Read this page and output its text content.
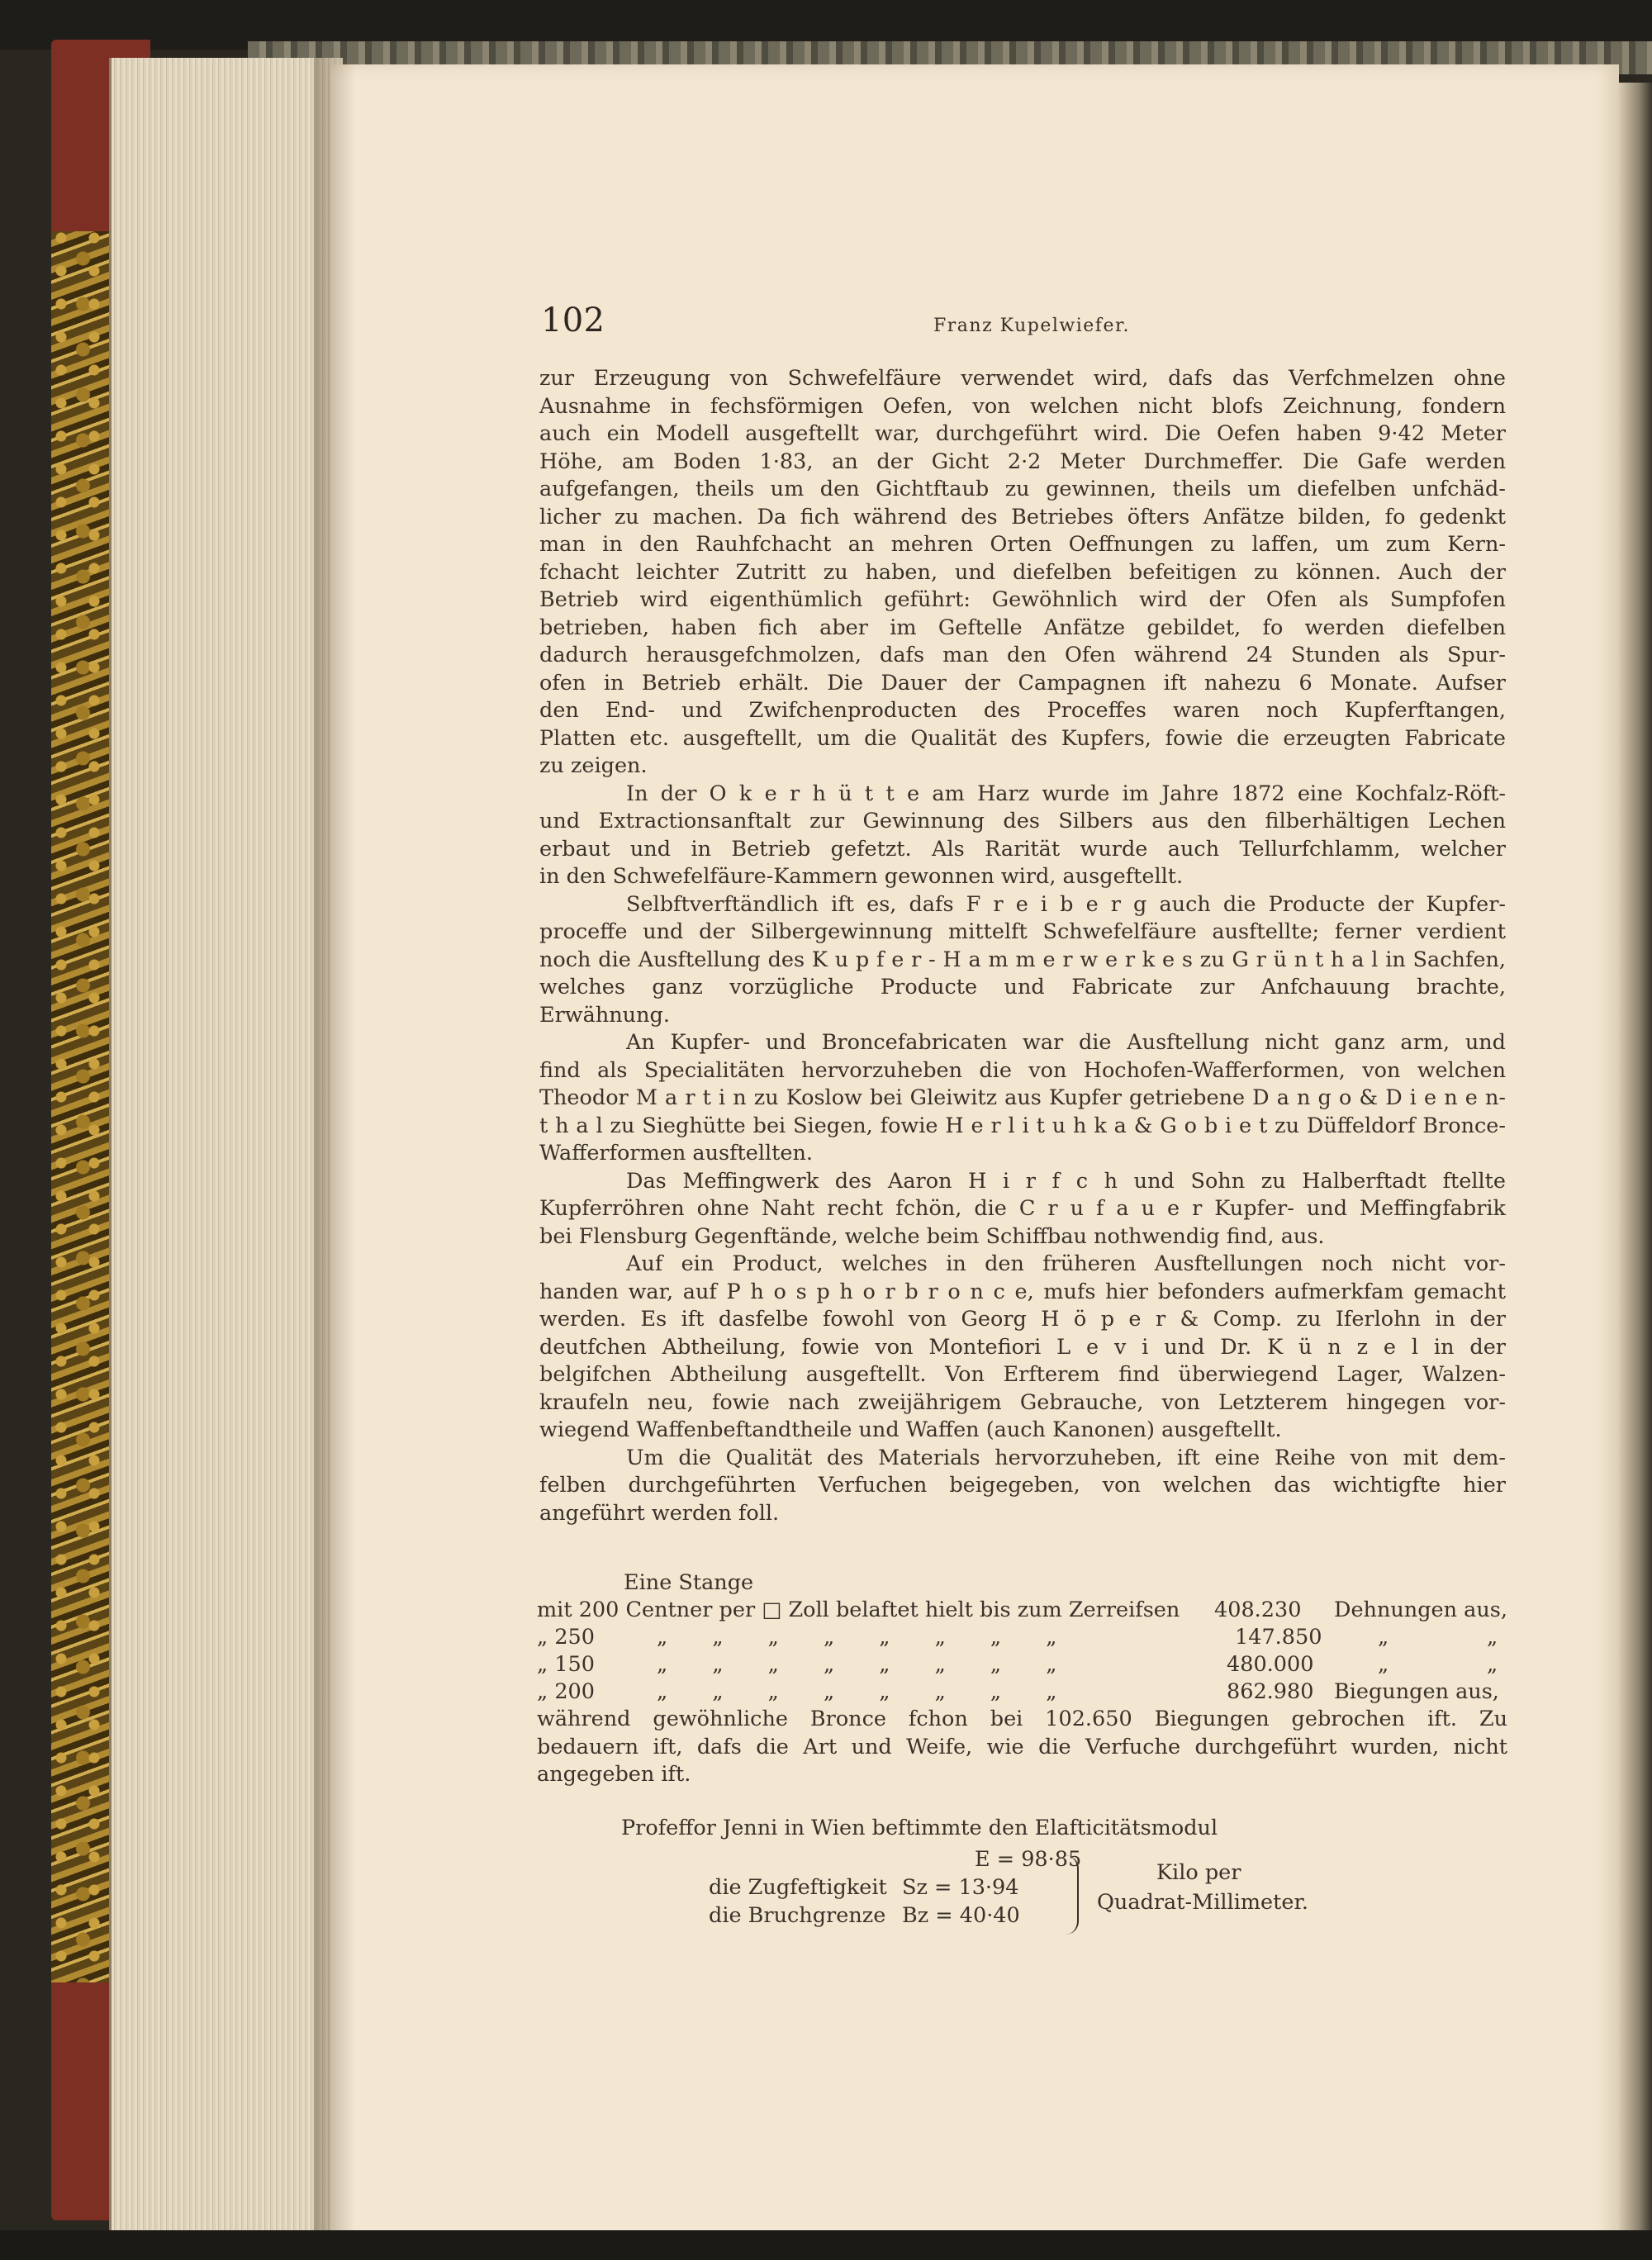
102	Franz Kupelwiefer.
zur Erzeugung von Schwefelfäure verwendet wird, dafs das Verfchmelzen ohne
Ausnahme in fechsförmigen Oefen, von welchen nicht blofs Zeichnung, fondern
auch ein Modell ausgeftellt war, durchgeführt wird. Die Oefen haben 9·42 Meter
Höhe, am Boden 1·83, an der Gicht 2·2 Meter Durchmeffer. Die Gafe werden
aufgefangen, theils um den Gichtftaub zu gewinnen, theils um diefelben unfchäd-
licher zu machen. Da fich während des Betriebes öfters Anfätze bilden, fo gedenkt
man in den Rauhfchacht an mehren Orten Oeffnungen zu laffen, um zum Kern-
fchacht leichter Zutritt zu haben, und diefelben befeitigen zu können. Auch der
Betrieb wird eigenthümlich geführt: Gewöhnlich wird der Ofen als Sumpfofen
betrieben, haben fich aber im Geftelle Anfätze gebildet, fo werden diefelben
dadurch herausgefchmolzen, dafs man den Ofen während 24 Stunden als Spur-
ofen in Betrieb erhält. Die Dauer der Campagnen ift nahezu 6 Monate. Aufser
den End- und Zwifchenproducten des Proceffes waren noch Kupferftangen,
Platten etc. ausgeftellt, um die Qualität des Kupfers, fowie die erzeugten Fabricate
zu zeigen.
In der O k e r h ü t t e am Harz wurde im Jahre 1872 eine Kochfalz-Röft-
und Extractionsanftalt zur Gewinnung des Silbers aus den filberhältigen Lechen
erbaut und in Betrieb gefetzt. Als Rarität wurde auch Tellurfchlamm, welcher
in den Schwefelfäure-Kammern gewonnen wird, ausgeftellt.
Selbftverftändlich ift es, dafs F r e i b e r g auch die Producte der Kupfer-
proceffe und der Silbergewinnung mittelft Schwefelfäure ausftellte; ferner verdient
noch die Ausftellung des K u p f e r - H a m m e r w e r k e s zu G r ü n t h a l in Sachfen,
welches ganz vorzügliche Producte und Fabricate zur Anfchauung brachte,
Erwähnung.
An Kupfer- und Broncefabricaten war die Ausftellung nicht ganz arm, und
find als Specialitäten hervorzuheben die von Hochofen-Wafferformen, von welchen
Theodor M a r t i n zu Koslow bei Gleiwitz aus Kupfer getriebene D a n g o & D i e n e n-
t h a l zu Sieghütte bei Siegen, fowie H e r l i t u h k a & G o b i e t zu Düffeldorf Bronce-
Wafferformen ausftellten.
Das Meffingwerk des Aaron H i r f c h und Sohn zu Halberftadt ftellte
Kupferröhren ohne Naht recht fchön, die C r u f a u e r Kupfer- und Meffingfabrik
bei Flensburg Gegenftände, welche beim Schiffbau nothwendig find, aus.
Auf ein Product, welches in den früheren Ausftellungen noch nicht vor-
handen war, auf P h o s p h o r b r o n c e, mufs hier befonders aufmerkfam gemacht
werden. Es ift dasfelbe fowohl von Georg H ö p e r & Comp. zu Iferlohn in der
deutfchen Abtheilung, fowie von Montefiori L e v i und Dr. K ü n z e l in der
belgifchen Abtheilung ausgeftellt. Von Erfterem find überwiegend Lager, Walzen-
kraufeln neu, fowie nach zweijährigem Gebrauche, von Letzterem hingegen vor-
wiegend Waffenbeftandtheile und Waffen (auch Kanonen) ausgeftellt.
Um die Qualität des Materials hervorzuheben, ift eine Reihe von mit dem-
felben durchgeführten Verfuchen beigegeben, von welchen das wichtigfte hier
angeführt werden foll.
Eine Stange
mit 200 Centner per □ Zoll belaftet hielt bis zum Zerreifsen 408.230 Dehnungen aus,
„ 250	„ „ „ „ „ „ „ „	147.850	„	„
„ 150	„ „ „ „ „ „ „ „	480.000	„	„
„ 200	„ „ „ „ „ „ „ „	862.980 Biegungen aus,
während gewöhnliche Bronce fchon bei 102.650 Biegungen gebrochen ift. Zu
bedauern ift, dafs die Art und Weife, wie die Verfuche durchgeführt wurden, nicht
angegeben ift.
Profeffor Jenni in Wien beftimmte den Elafticitätsmodul
E = 98·85
die Zugfeftigkeit Sz = 13·94
die Bruchgrenze Bz = 40·40
Kilo per
Quadrat-Millimeter.
